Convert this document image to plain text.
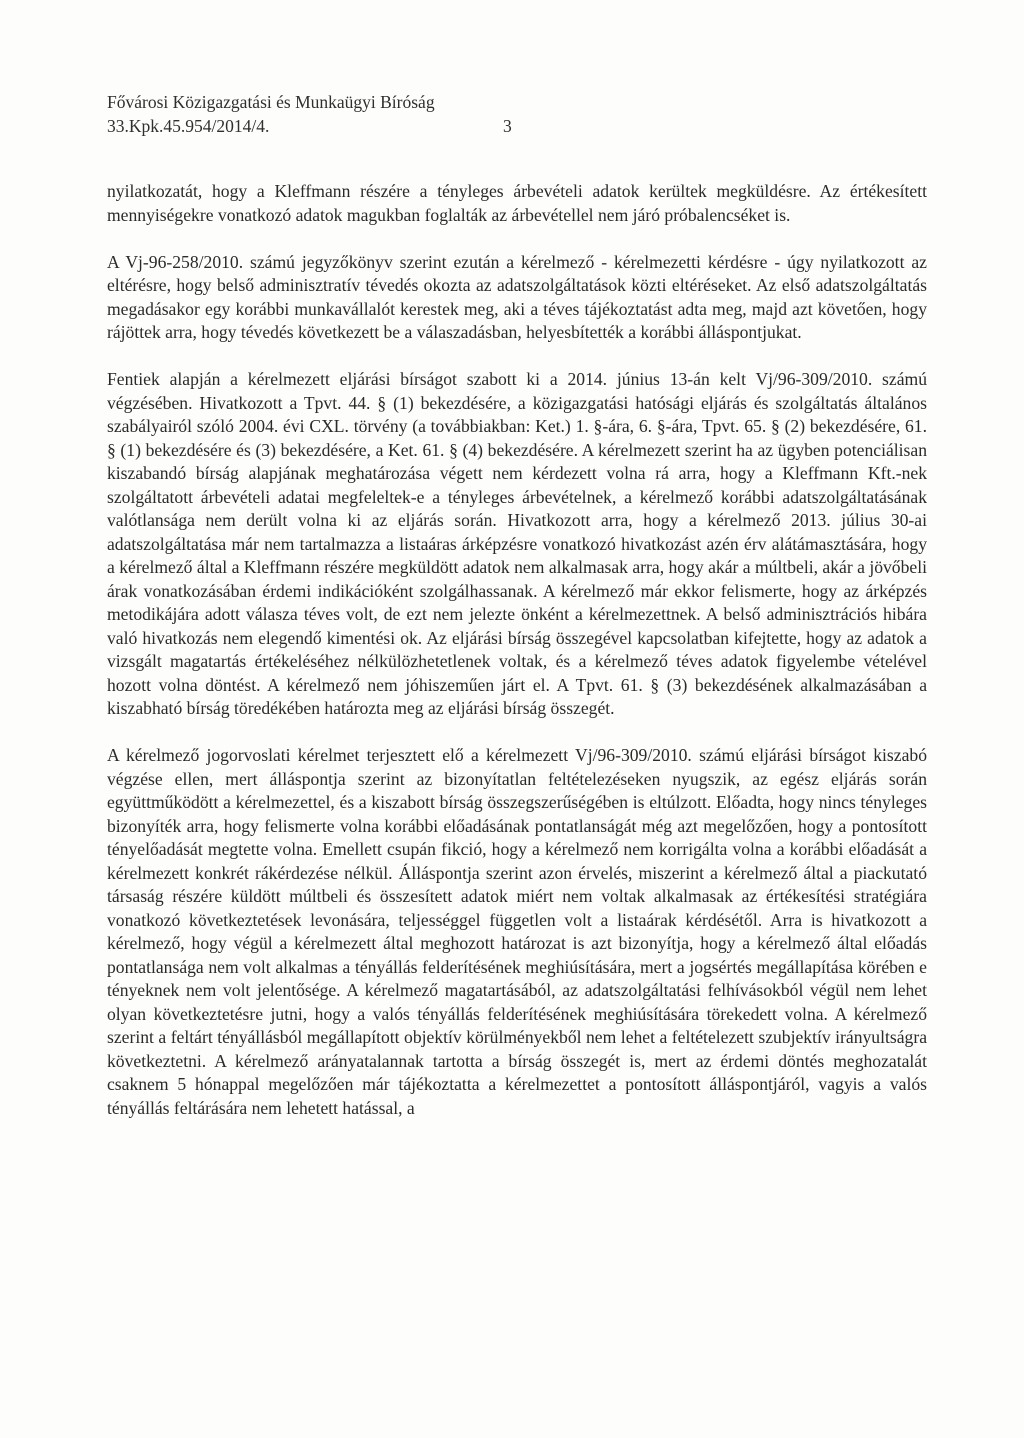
Fővárosi Közigazgatási és Munkaügyi Bíróság
33.Kpk.45.954/2014/4.	3

nyilatkozatát, hogy a Kleffmann részére a tényleges árbevételi adatok kerültek megküldésre. Az értékesített mennyiségekre vonatkozó adatok magukban foglalták az árbevétellel nem járó próbalencséket is.

A Vj-96-258/2010. számú jegyzőkönyv szerint ezután a kérelmező - kérelmezetti kérdésre - úgy nyilatkozott az eltérésre, hogy belső adminisztratív tévedés okozta az adatszolgáltatások közti eltéréseket. Az első adatszolgáltatás megadásakor egy korábbi munkavállalót kerestek meg, aki a téves tájékoztatást adta meg, majd azt követően, hogy rájöttek arra, hogy tévedés következett be a válaszadásban, helyesbítették a korábbi álláspontjukat.

Fentiek alapján a kérelmezett eljárási bírságot szabott ki a 2014. június 13-án kelt Vj/96-309/2010. számú végzésében. Hivatkozott a Tpvt. 44. § (1) bekezdésére, a közigazgatási hatósági eljárás és szolgáltatás általános szabályairól szóló 2004. évi CXL. törvény (a továbbiakban: Ket.) 1. §-ára, 6. §-ára, Tpvt. 65. § (2) bekezdésére, 61. § (1) bekezdésére és (3) bekezdésére, a Ket. 61. § (4) bekezdésére. A kérelmezett szerint ha az ügyben potenciálisan kiszabandó bírság alapjának meghatározása végett nem kérdezett volna rá arra, hogy a Kleffmann Kft.-nek szolgáltatott árbevételi adatai megfeleltek-e a tényleges árbevételnek, a kérelmező korábbi adatszolgáltatásának valótlansága nem derült volna ki az eljárás során. Hivatkozott arra, hogy a kérelmező 2013. július 30-ai adatszolgáltatása már nem tartalmazza a listaáras árképzésre vonatkozó hivatkozást azén érv alátámasztására, hogy a kérelmező által a Kleffmann részére megküldött adatok nem alkalmasak arra, hogy akár a múltbeli, akár a jövőbeli árak vonatkozásában érdemi indikációként szolgálhassanak. A kérelmező már ekkor felismerte, hogy az árképzés metodikájára adott válasza téves volt, de ezt nem jelezte önként a kérelmezettnek. A belső adminisztrációs hibára való hivatkozás nem elegendő kimentési ok. Az eljárási bírság összegével kapcsolatban kifejtette, hogy az adatok a vizsgált magatartás értékeléséhez nélkülözhetetlenek voltak, és a kérelmező téves adatok figyelembe vételével hozott volna döntést. A kérelmező nem jóhiszeműen járt el. A Tpvt. 61. § (3) bekezdésének alkalmazásában a kiszabható bírság töredékében határozta meg az eljárási bírság összegét.

A kérelmező jogorvoslati kérelmet terjesztett elő a kérelmezett Vj/96-309/2010. számú eljárási bírságot kiszabó végzése ellen, mert álláspontja szerint az bizonyítatlan feltételezéseken nyugszik, az egész eljárás során együttműködött a kérelmezettel, és a kiszabott bírság összegszerűségében is eltúlzott. Előadta, hogy nincs tényleges bizonyíték arra, hogy felismerte volna korábbi előadásának pontatlanságát még azt megelőzően, hogy a pontosított tényelőadását megtette volna. Emellett csupán fikció, hogy a kérelmező nem korrigálta volna a korábbi előadását a kérelmezett konkrét rákérdezése nélkül. Álláspontja szerint azon érvelés, miszerint a kérelmező által a piackutató társaság részére küldött múltbeli és összesített adatok miért nem voltak alkalmasak az értékesítési stratégiára vonatkozó következtetések levonására, teljességgel független volt a listaárak kérdésétől. Arra is hivatkozott a kérelmező, hogy végül a kérelmezett által meghozott határozat is azt bizonyítja, hogy a kérelmező által előadás pontatlansága nem volt alkalmas a tényállás felderítésének meghiúsítására, mert a jogsértés megállapítása körében e tényeknek nem volt jelentősége. A kérelmező magatartásából, az adatszolgáltatási felhívásokból végül nem lehet olyan következtetésre jutni, hogy a valós tényállás felderítésének meghiúsítására törekedett volna. A kérelmező szerint a feltárt tényállásból megállapított objektív körülményekből nem lehet a feltételezett szubjektív irányultságra következtetni. A kérelmező arányatalannak tartotta a bírság összegét is, mert az érdemi döntés meghozatalát csaknem 5 hónappal megelőzően már tájékoztatta a kérelmezettet a pontosított álláspontjáról, vagyis a valós tényállás feltárására nem lehetett hatással, a
